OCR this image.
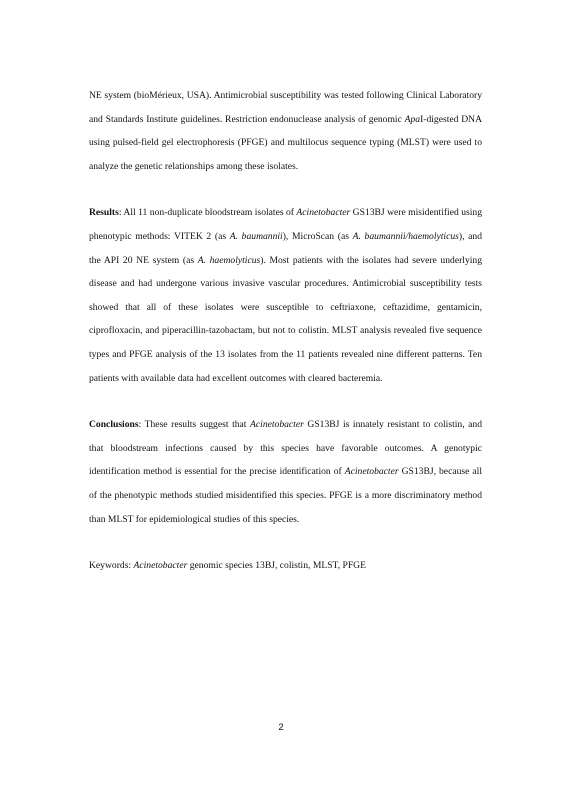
NE system (bioMérieux, USA). Antimicrobial susceptibility was tested following Clinical Laboratory and Standards Institute guidelines. Restriction endonuclease analysis of genomic ApaI-digested DNA using pulsed-field gel electrophoresis (PFGE) and multilocus sequence typing (MLST) were used to analyze the genetic relationships among these isolates.

Results: All 11 non-duplicate bloodstream isolates of Acinetobacter GS13BJ were misidentified using phenotypic methods: VITEK 2 (as A. baumannii), MicroScan (as A. baumannii/haemolyticus), and the API 20 NE system (as A. haemolyticus). Most patients with the isolates had severe underlying disease and had undergone various invasive vascular procedures. Antimicrobial susceptibility tests showed that all of these isolates were susceptible to ceftriaxone, ceftazidime, gentamicin, ciprofloxacin, and piperacillin-tazobactam, but not to colistin. MLST analysis revealed five sequence types and PFGE analysis of the 13 isolates from the 11 patients revealed nine different patterns. Ten patients with available data had excellent outcomes with cleared bacteremia.

Conclusions: These results suggest that Acinetobacter GS13BJ is innately resistant to colistin, and that bloodstream infections caused by this species have favorable outcomes. A genotypic identification method is essential for the precise identification of Acinetobacter GS13BJ, because all of the phenotypic methods studied misidentified this species. PFGE is a more discriminatory method than MLST for epidemiological studies of this species.

Keywords: Acinetobacter genomic species 13BJ, colistin, MLST, PFGE

2
